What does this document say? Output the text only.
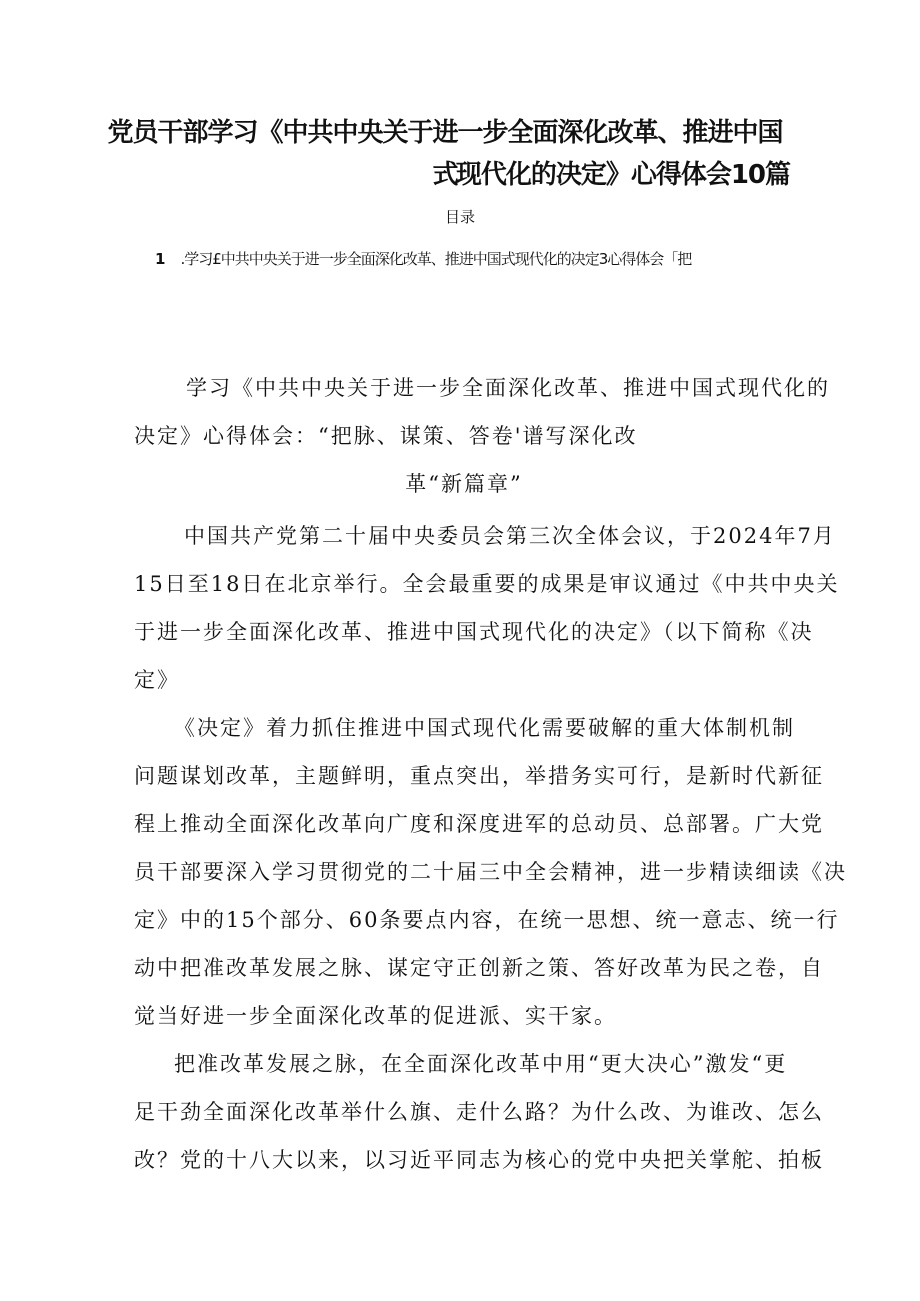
党员干部学习《中共中央关于进一步全面深化改革、推进中国式
现代化的决定》心得体会10篇
目录
1 .学习£中共中央关于进一步全面深化改革、推进中国式现代化的决定3心得体会「把
学习《中共中央关于进一步全面深化改革、推进中国式现代化的
决定》心得体会：“把脉、谋策、答卷'谱写深化改
革“新篇章”
中国共产党第二十届中央委员会第三次全体会议，于2024年7月
15日至18日在北京举行。全会最重要的成果是审议通过《中共中央关
于进一步全面深化改革、推进中国式现代化的决定》（以下简称《决
定》
《决定》着力抓住推进中国式现代化需要破解的重大体制机制
问题谋划改革，主题鲜明，重点突出，举措务实可行，是新时代新征
程上推动全面深化改革向广度和深度进军的总动员、总部署。广大党
员干部要深入学习贯彻党的二十届三中全会精神，进一步精读细读《决
定》中的15个部分、60条要点内容，在统一思想、统一意志、统一行
动中把准改革发展之脉、谋定守正创新之策、答好改革为民之卷，自
觉当好进一步全面深化改革的促进派、实干家。
把准改革发展之脉，在全面深化改革中用“更大决心”激发“更
足干劲全面深化改革举什么旗、走什么路？为什么改、为谁改、怎么
改？党的十八大以来，以习近平同志为核心的党中央把关掌舵、拍板
